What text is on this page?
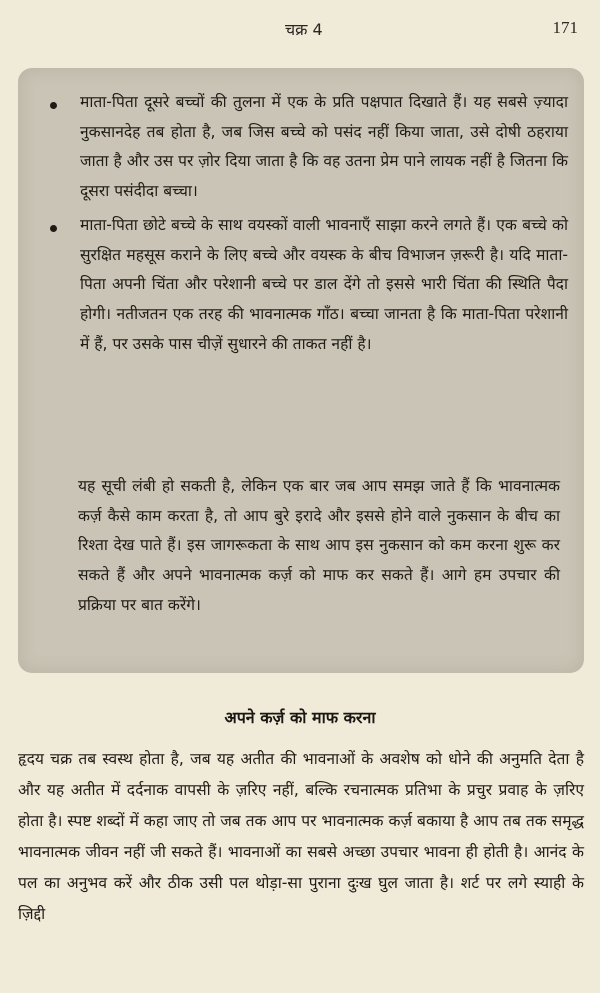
चक्र 4	171
माता-पिता दूसरे बच्चों की तुलना में एक के प्रति पक्षपात दिखाते हैं। यह सबसे ज़्यादा नुकसानदेह तब होता है, जब जिस बच्चे को पसंद नहीं किया जाता, उसे दोषी ठहराया जाता है और उस पर ज़ोर दिया जाता है कि वह उतना प्रेम पाने लायक नहीं है जितना कि दूसरा पसंदीदा बच्चा।
माता-पिता छोटे बच्चे के साथ वयस्कों वाली भावनाएँ साझा करने लगते हैं। एक बच्चे को सुरक्षित महसूस कराने के लिए बच्चे और वयस्क के बीच विभाजन ज़रूरी है। यदि माता-पिता अपनी चिंता और परेशानी बच्चे पर डाल देंगे तो इससे भारी चिंता की स्थिति पैदा होगी। नतीजतन एक तरह की भावनात्मक गाँठ। बच्चा जानता है कि माता-पिता परेशानी में हैं, पर उसके पास चीज़ें सुधारने की ताकत नहीं है।
यह सूची लंबी हो सकती है, लेकिन एक बार जब आप समझ जाते हैं कि भावनात्मक कर्ज़ कैसे काम करता है, तो आप बुरे इरादे और इससे होने वाले नुकसान के बीच का रिश्ता देख पाते हैं। इस जागरूकता के साथ आप इस नुकसान को कम करना शुरू कर सकते हैं और अपने भावनात्मक कर्ज़ को माफ कर सकते हैं। आगे हम उपचार की प्रक्रिया पर बात करेंगे।
अपने कर्ज़ को माफ करना
हृदय चक्र तब स्वस्थ होता है, जब यह अतीत की भावनाओं के अवशेष को धोने की अनुमति देता है और यह अतीत में दर्दनाक वापसी के ज़रिए नहीं, बल्कि रचनात्मक प्रतिभा के प्रचुर प्रवाह के ज़रिए होता है। स्पष्ट शब्दों में कहा जाए तो जब तक आप पर भावनात्मक कर्ज़ बकाया है आप तब तक समृद्ध भावनात्मक जीवन नहीं जी सकते हैं। भावनाओं का सबसे अच्छा उपचार भावना ही होती है। आनंद के पल का अनुभव करें और ठीक उसी पल थोड़ा-सा पुराना दुःख घुल जाता है। शर्ट पर लगे स्याही के ज़िद्दी
